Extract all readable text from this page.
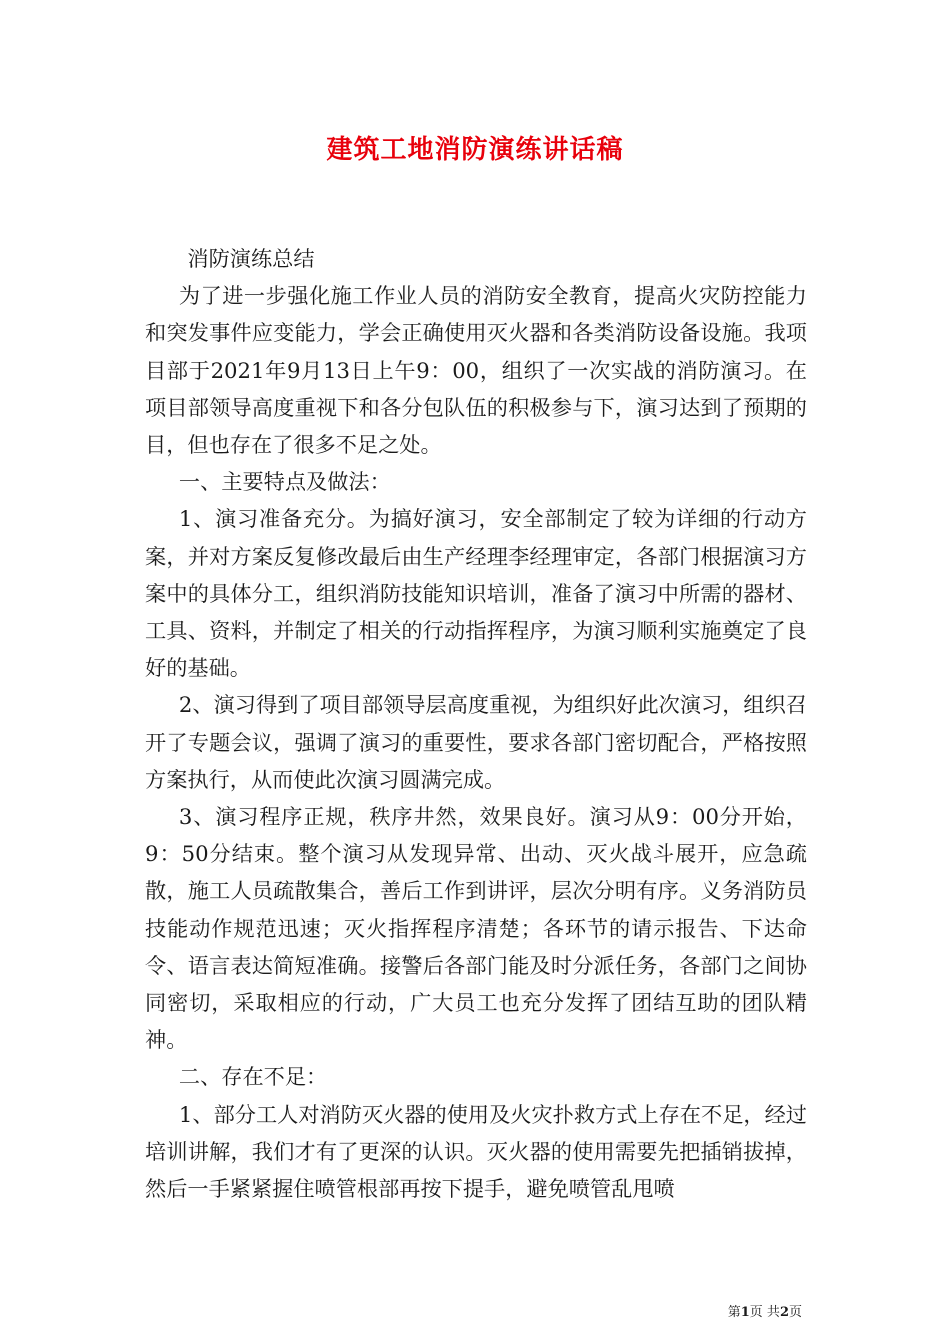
建筑工地消防演练讲话稿

消防演练总结

为了进一步强化施工作业人员的消防安全教育，提高火灾防控能力和突发事件应变能力，学会正确使用灭火器和各类消防设备设施。我项目部于2021年9月13日上午9：00，组织了一次实战的消防演习。在项目部领导高度重视下和各分包队伍的积极参与下，演习达到了预期的目，但也存在了很多不足之处。

一、主要特点及做法：

1、演习准备充分。为搞好演习，安全部制定了较为详细的行动方案，并对方案反复修改最后由生产经理李经理审定，各部门根据演习方案中的具体分工，组织消防技能知识培训，准备了演习中所需的器材、工具、资料，并制定了相关的行动指挥程序，为演习顺利实施奠定了良好的基础。

2、演习得到了项目部领导层高度重视，为组织好此次演习，组织召开了专题会议，强调了演习的重要性，要求各部门密切配合，严格按照方案执行，从而使此次演习圆满完成。

3、演习程序正规，秩序井然，效果良好。演习从9：00分开始，9：50分结束。整个演习从发现异常、出动、灭火战斗展开，应急疏散，施工人员疏散集合，善后工作到讲评，层次分明有序。义务消防员技能动作规范迅速；灭火指挥程序清楚；各环节的请示报告、下达命令、语言表达简短准确。接警后各部门能及时分派任务，各部门之间协同密切，采取相应的行动，广大员工也充分发挥了团结互助的团队精神。

二、存在不足：

1、部分工人对消防灭火器的使用及火灾扑救方式上存在不足，经过培训讲解，我们才有了更深的认识。灭火器的使用需要先把插销拔掉，然后一手紧紧握住喷管根部再按下提手，避免喷管乱甩喷

第1页 共2页
